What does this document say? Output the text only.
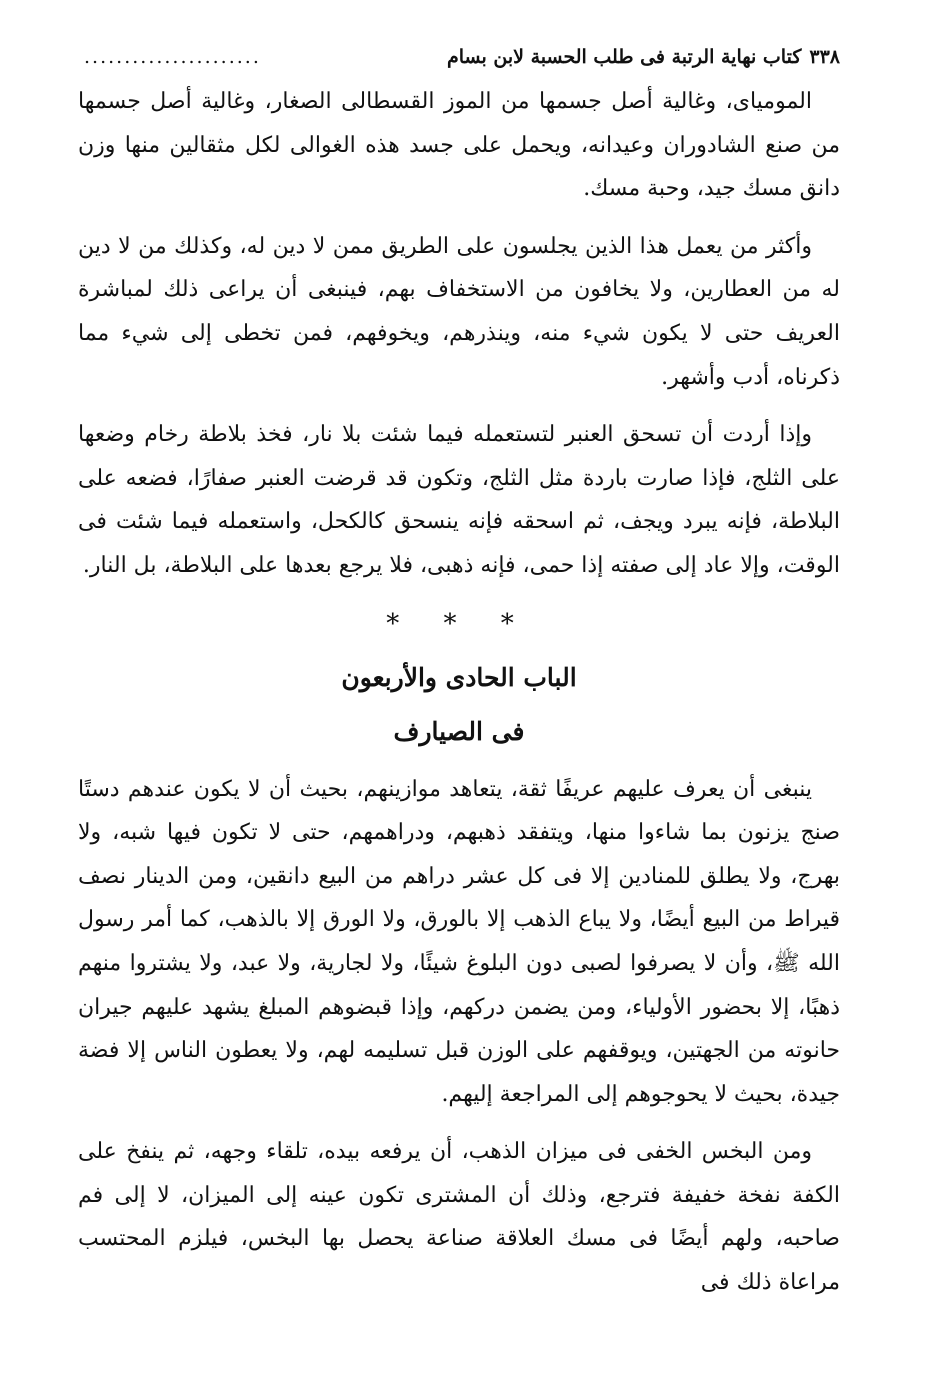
٣٣٨
كتاب نهاية الرتبة فى طلب الحسبة لابن بسام
......................

المومياى، وغالية أصل جسمها من الموز القسطالى الصغار، وغالية أصل جسمها من صنع الشادوران وعيدانه، ويحمل على جسد هذه الغوالى لكل مثقالين منها وزن دانق مسك جيد، وحبة مسك.

وأكثر من يعمل هذا الذين يجلسون على الطريق ممن لا دين له، وكذلك من لا دين له من العطارين، ولا يخافون من الاستخفاف بهم، فينبغى أن يراعى ذلك لمباشرة العريف حتى لا يكون شيء منه، وينذرهم، ويخوفهم، فمن تخطى إلى شيء مما ذكرناه، أدب وأشهر.

وإذا أردت أن تسحق العنبر لتستعمله فيما شئت بلا نار، فخذ بلاطة رخام وضعها على الثلج، فإذا صارت باردة مثل الثلج، وتكون قد قرضت العنبر صفارًا، فضعه على البلاطة، فإنه يبرد ويجف، ثم اسحقه فإنه ينسحق كالكحل، واستعمله فيما شئت فى الوقت، وإلا عاد إلى صفته إذا حمى، فإنه ذهبى، فلا يرجع بعدها على البلاطة، بل النار.

* * *
الباب الحادى والأربعون
فى الصيارف

ينبغى أن يعرف عليهم عريفًا ثقة، يتعاهد موازينهم، بحيث أن لا يكون عندهم دستًا صنج يزنون بما شاءوا منها، ويتفقد ذهبهم، ودراهمهم، حتى لا تكون فيها شبه، ولا بهرج، ولا يطلق للمنادين إلا فى كل عشر دراهم من البيع دانقين، ومن الدينار نصف قيراط من البيع أيضًا، ولا يباع الذهب إلا بالورق، ولا الورق إلا بالذهب، كما أمر رسول الله ﷺ، وأن لا يصرفوا لصبى دون البلوغ شيئًا، ولا لجارية، ولا عبد، ولا يشتروا منهم ذهبًا، إلا بحضور الأولياء، ومن يضمن دركهم، وإذا قبضوهم المبلغ يشهد عليهم جيران حانوته من الجهتين، ويوقفهم على الوزن قبل تسليمه لهم، ولا يعطون الناس إلا فضة جيدة، بحيث لا يحوجوهم إلى المراجعة إليهم.

ومن البخس الخفى فى ميزان الذهب، أن يرفعه بيده، تلقاء وجهه، ثم ينفخ على الكفة نفخة خفيفة فترجع، وذلك أن المشترى تكون عينه إلى الميزان، لا إلى فم صاحبه، ولهم أيضًا فى مسك العلاقة صناعة يحصل بها البخس، فيلزم المحتسب مراعاة ذلك فى
